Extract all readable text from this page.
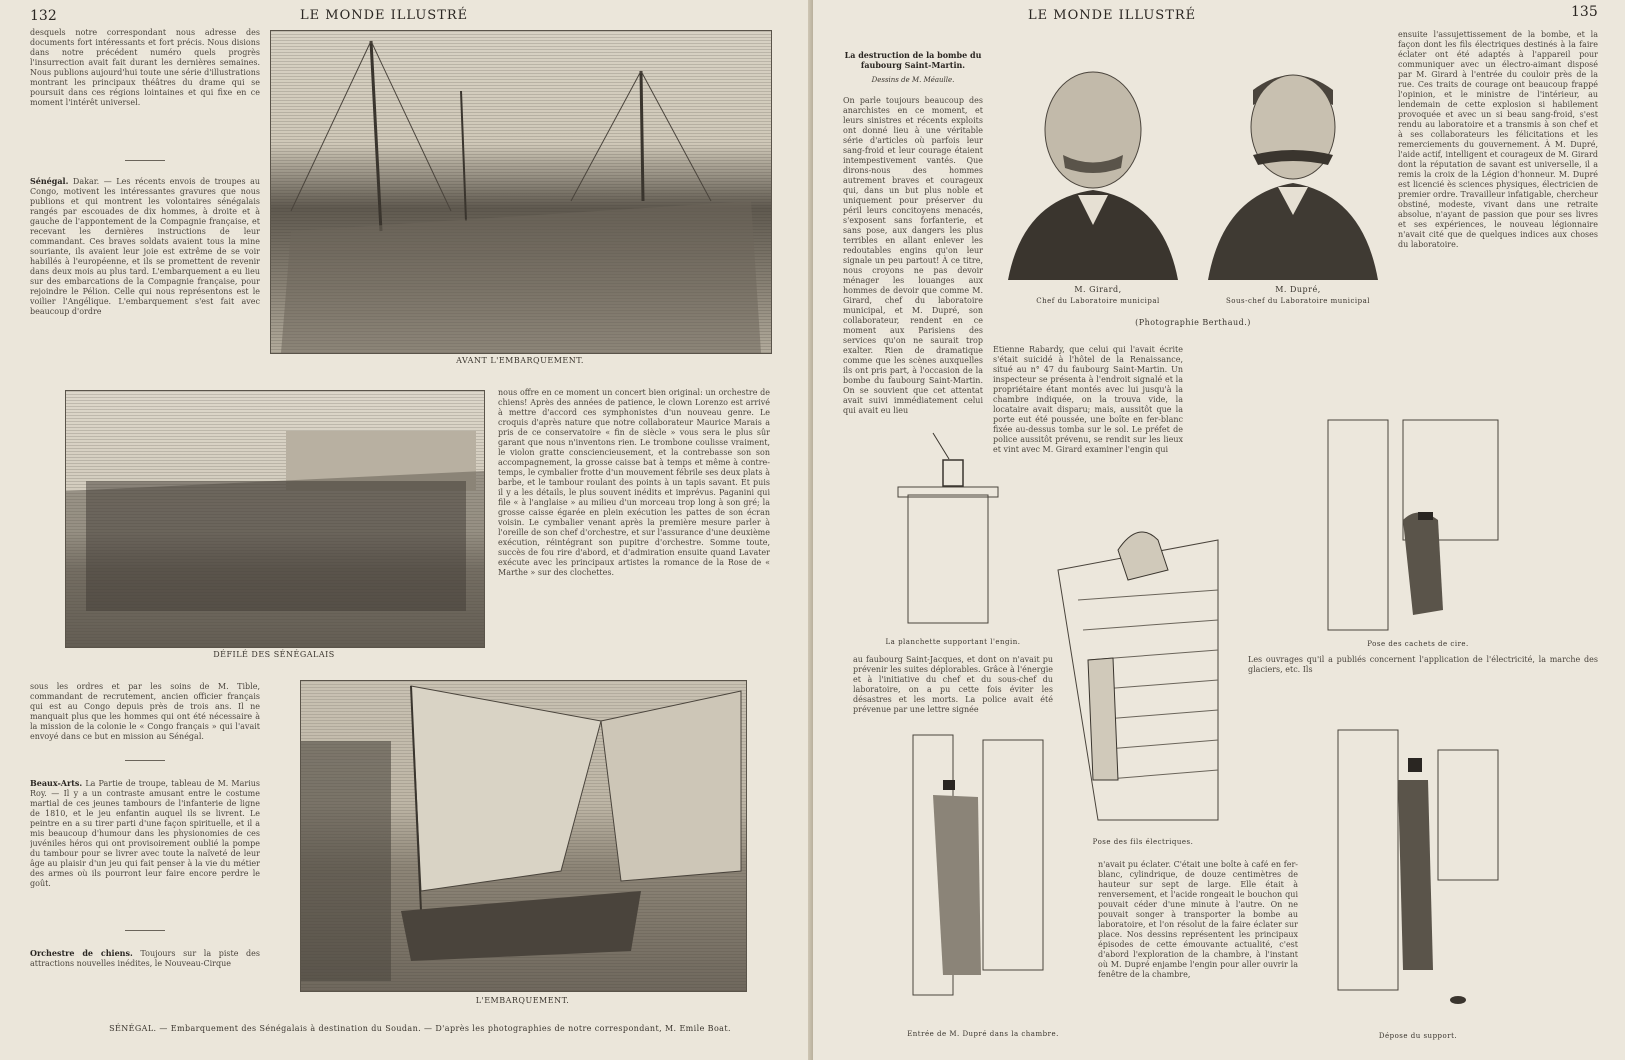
132	LE MONDE ILLUSTRÉ
desquels notre correspondant nous adresse des documents fort intéressants et fort précis. Nous disions dans notre précédent numéro quels progrès l'insurrection avait fait durant les dernières semaines. Nous publions aujourd'hui toute une série d'illustrations montrant les principaux théâtres du drame qui se poursuit dans ces régions lointaines et qui fixe en ce moment l'intérêt universel.
Sénégal. Dakar. — Les récents envois de troupes au Congo, motivent les intéressantes gravures que nous publions et qui montrent les volontaires sénégalais rangés par escouades de dix hommes, à droite et à gauche de l'appontement de la Compagnie française, et recevant les dernières instructions de leur commandant. Ces braves soldats avaient tous la mine souriante, ils avaient leur joie est extrême de se voir habillés à l'européenne, et ils se promettent de revenir dans deux mois au plus tard. L'embarquement a eu lieu sur des embarcations de la Compagnie française, pour rejoindre le Pélion. Celle qui nous représentons est le voilier l'Angélique. L'embarquement s'est fait avec beaucoup d'ordre
AVANT L'EMBARQUEMENT.
DÉFILÉ DES SÉNÉGALAIS
nous offre en ce moment un concert bien original: un orchestre de chiens! Après des années de patience, le clown Lorenzo est arrivé à mettre d'accord ces symphonistes d'un nouveau genre. Le croquis d'après nature que notre collaborateur Maurice Marais a pris de ce conservatoire « fin de siècle » vous sera le plus sûr garant que nous n'inventons rien. Le trombone coulisse vraiment, le violon gratte consciencieusement, et la contrebasse son son accompagnement, la grosse caisse bat à temps et même à contre-temps, le cymbalier frotte d'un mouvement fébrile ses deux plats à barbe, et le tambour roulant des points à un tapis savant. Et puis il y a les détails, le plus souvent inédits et imprévus. Paganini qui file « à l'anglaise » au milieu d'un morceau trop long à son gré; la grosse caisse égarée en plein exécution les pattes de son écran voisin. Le cymbalier venant après la première mesure parler à l'oreille de son chef d'orchestre, et sur l'assurance d'une deuxième exécution, réintégrant son pupitre d'orchestre. Somme toute, succès de fou rire d'abord, et d'admiration ensuite quand Lavater exécute avec les principaux artistes la romance de la Rose de « Marthe » sur des clochettes.
sous les ordres et par les soins de M. Tible, commandant de recrutement, ancien officier français qui est au Congo depuis près de trois ans. Il ne manquait plus que les hommes qui ont été nécessaire à la mission de la colonie le « Congo français » qui l'avait envoyé dans ce but en mission au Sénégal.
Beaux-Arts. La Partie de troupe, tableau de M. Marius Roy. — Il y a un contraste amusant entre le costume martial de ces jeunes tambours de l'infanterie de ligne de 1810, et le jeu enfantin auquel ils se livrent. Le peintre en a su tirer parti d'une façon spirituelle, et il a mis beaucoup d'humour dans les physionomies de ces juvéniles héros qui ont provisoirement oublié la pompe du tambour pour se livrer avec toute la naïveté de leur âge au plaisir d'un jeu qui fait penser à la vie du métier des armes où ils pourront leur faire encore perdre le goût.
Orchestre de chiens. Toujours sur la piste des attractions nouvelles inédites, le Nouveau-Cirque
L'EMBARQUEMENT.
SÉNÉGAL. — Embarquement des Sénégalais à destination du Soudan. — D'après les photographies de notre correspondant, M. Emile Boat.
LE MONDE ILLUSTRÉ	135
La destruction de la bombe du faubourg Saint-Martin.
Dessins de M. Méaulle.
On parle toujours beaucoup des anarchistes en ce moment, et leurs sinistres et récents exploits ont donné lieu à une véritable série d'articles où parfois leur sang-froid et leur courage étaient intempestivement vantés. Que dirons-nous des hommes autrement braves et courageux qui, dans un but plus noble et uniquement pour préserver du péril leurs concitoyens menacés, s'exposent sans forfanterie, et sans pose, aux dangers les plus terribles en allant enlever les redoutables engins qu'on leur signale un peu partout! À ce titre, nous croyons ne pas devoir ménager les louanges aux hommes de devoir que comme M. Girard, chef du laboratoire municipal, et M. Dupré, son collaborateur, rendent en ce moment aux Parisiens des services qu'on ne saurait trop exalter. Rien de dramatique comme que les scènes auxquelles ils ont pris part, à l'occasion de la bombe du faubourg Saint-Martin. On se souvient que cet attentat avait suivi immédiatement celui qui avait eu lieu
M. Girard,
Chef du Laboratoire municipal
M. Dupré,
Sous-chef du Laboratoire municipal
(Photographie Berthaud.)
ensuite l'assujettissement de la bombe, et la façon dont les fils électriques destinés à la faire éclater ont été adaptés à l'appareil pour communiquer avec un électro-aimant disposé par M. Girard à l'entrée du couloir près de la rue. Ces traits de courage ont beaucoup frappé l'opinion, et le ministre de l'intérieur, au lendemain de cette explosion si habilement provoquée et avec un si beau sang-froid, s'est rendu au laboratoire et a transmis à son chef et à ses collaborateurs les félicitations et les remerciements du gouvernement. À M. Dupré, l'aide actif, intelligent et courageux de M. Girard dont la réputation de savant est universelle, il a remis la croix de la Légion d'honneur. M. Dupré est licencié ès sciences physiques, électricien de premier ordre. Travailleur infatigable, chercheur obstiné, modeste, vivant dans une retraite absolue, n'ayant de passion que pour ses livres et ses expériences, le nouveau légionnaire n'avait cité que de quelques indices aux choses du laboratoire.
Étienne Rabardy, que celui qui l'avait écrite s'était suicidé à l'hôtel de la Renaissance, situé au n° 47 du faubourg Saint-Martin. Un inspecteur se présenta à l'endroit signalé et la propriétaire étant montés avec lui jusqu'à la chambre indiquée, on la trouva vide, la locataire avait disparu; mais, aussitôt que la porte eut été poussée, une boîte en fer-blanc fixée au-dessus tomba sur le sol. Le préfet de police aussitôt prévenu, se rendit sur les lieux et vint avec M. Girard examiner l'engin qui
La planchette supportant l'engin.
Pose des fils électriques.
Pose des cachets de cire.
au faubourg Saint-Jacques, et dont on n'avait pu prévenir les suites déplorables. Grâce à l'énergie et à l'initiative du chef et du sous-chef du laboratoire, on a pu cette fois éviter les désastres et les morts. La police avait été prévenue par une lettre signée
Les ouvrages qu'il a publiés concernent l'application de l'électricité, la marche des glaciers, etc. Ils
Entrée de M. Dupré dans la chambre.
n'avait pu éclater. C'était une boîte à café en fer-blanc, cylindrique, de douze centimètres de hauteur sur sept de large. Elle était à renversement, et l'acide rongeait le bouchon qui pouvait céder d'une minute à l'autre. On ne pouvait songer à transporter la bombe au laboratoire, et l'on résolut de la faire éclater sur place. Nos dessins représentent les principaux épisodes de cette émouvante actualité, c'est d'abord l'exploration de la chambre, à l'instant où M. Dupré enjambe l'engin pour aller ouvrir la fenêtre de la chambre,
Dépose du support.
